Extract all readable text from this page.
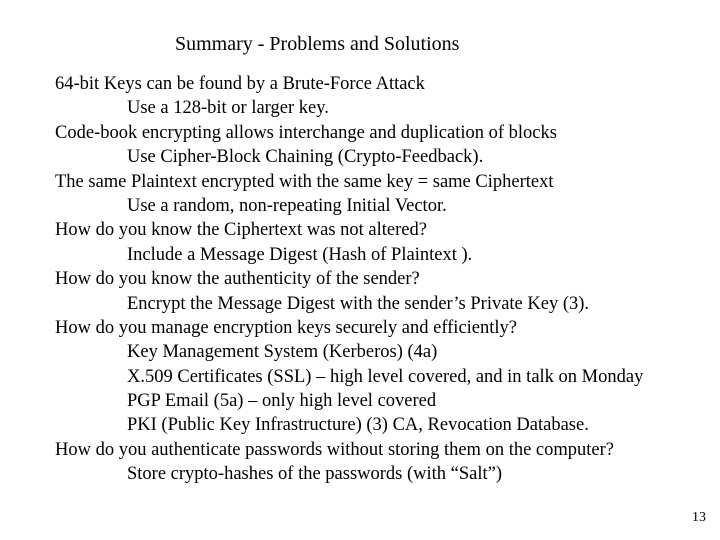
Summary - Problems and Solutions
64-bit Keys can be found by a Brute-Force Attack
Use a 128-bit or larger key.
Code-book encrypting allows interchange and duplication of blocks
Use Cipher-Block Chaining (Crypto-Feedback).
The same Plaintext encrypted with the same key = same Ciphertext
Use a random, non-repeating Initial Vector.
How do you know the Ciphertext was not altered?
Include a Message Digest (Hash of Plaintext ).
How do you know the authenticity of the sender?
Encrypt the Message Digest with the sender’s Private Key (3).
How do you manage encryption keys securely and efficiently?
Key Management System (Kerberos) (4a)
X.509 Certificates (SSL) – high level covered, and in talk on Monday
PGP Email (5a) – only high level covered
PKI (Public Key Infrastructure) (3) CA, Revocation Database.
How do you authenticate passwords without storing them on the computer?
Store crypto-hashes of the passwords (with “Salt”)
13
